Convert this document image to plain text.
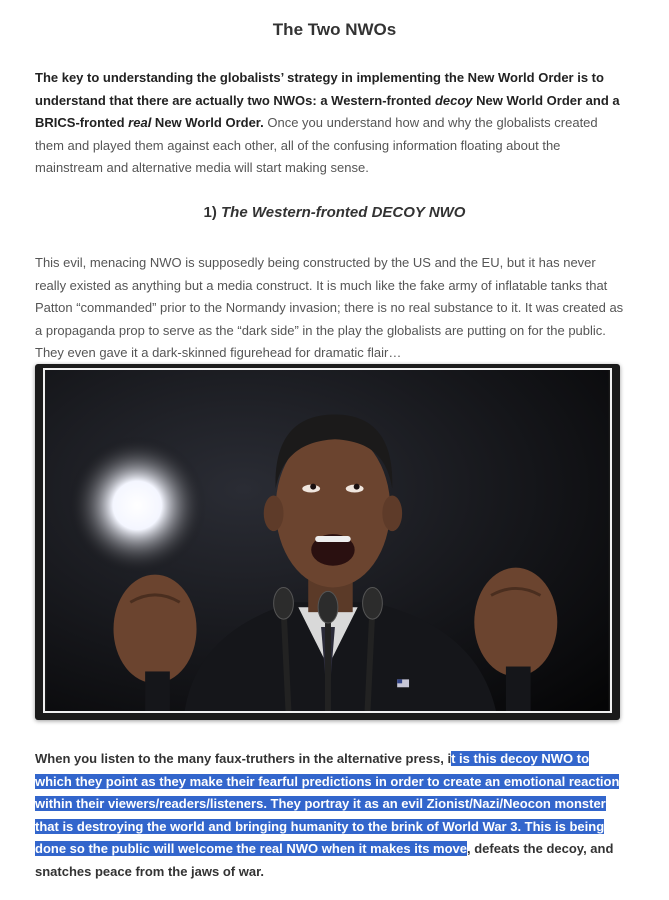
The Two NWOs
The key to understanding the globalists’ strategy in implementing the New World Order is to understand that there are actually two NWOs: a Western-fronted decoy New World Order and a BRICS-fronted real New World Order. Once you understand how and why the globalists created them and played them against each other, all of the confusing information floating about the mainstream and alternative media will start making sense.
1) The Western-fronted DECOY NWO
This evil, menacing NWO is supposedly being constructed by the US and the EU, but it has never really existed as anything but a media construct. It is much like the fake army of inflatable tanks that Patton “commanded” prior to the Normandy invasion; there is no real substance to it. It was created as a propaganda prop to serve as the “dark side” in the play the globalists are putting on for the public. They even gave it a dark-skinned figurehead for dramatic flair…
When you listen to the many faux-truthers in the alternative press, it is this decoy NWO to which they point as they make their fearful predictions in order to create an emotional reaction within their viewers/readers/listeners. They portray it as an evil Zionist/Nazi/Neocon monster that is destroying the world and bringing humanity to the brink of World War 3. This is being done so the public will welcome the real NWO when it makes its move, defeats the decoy, and snatches peace from the jaws of war.
